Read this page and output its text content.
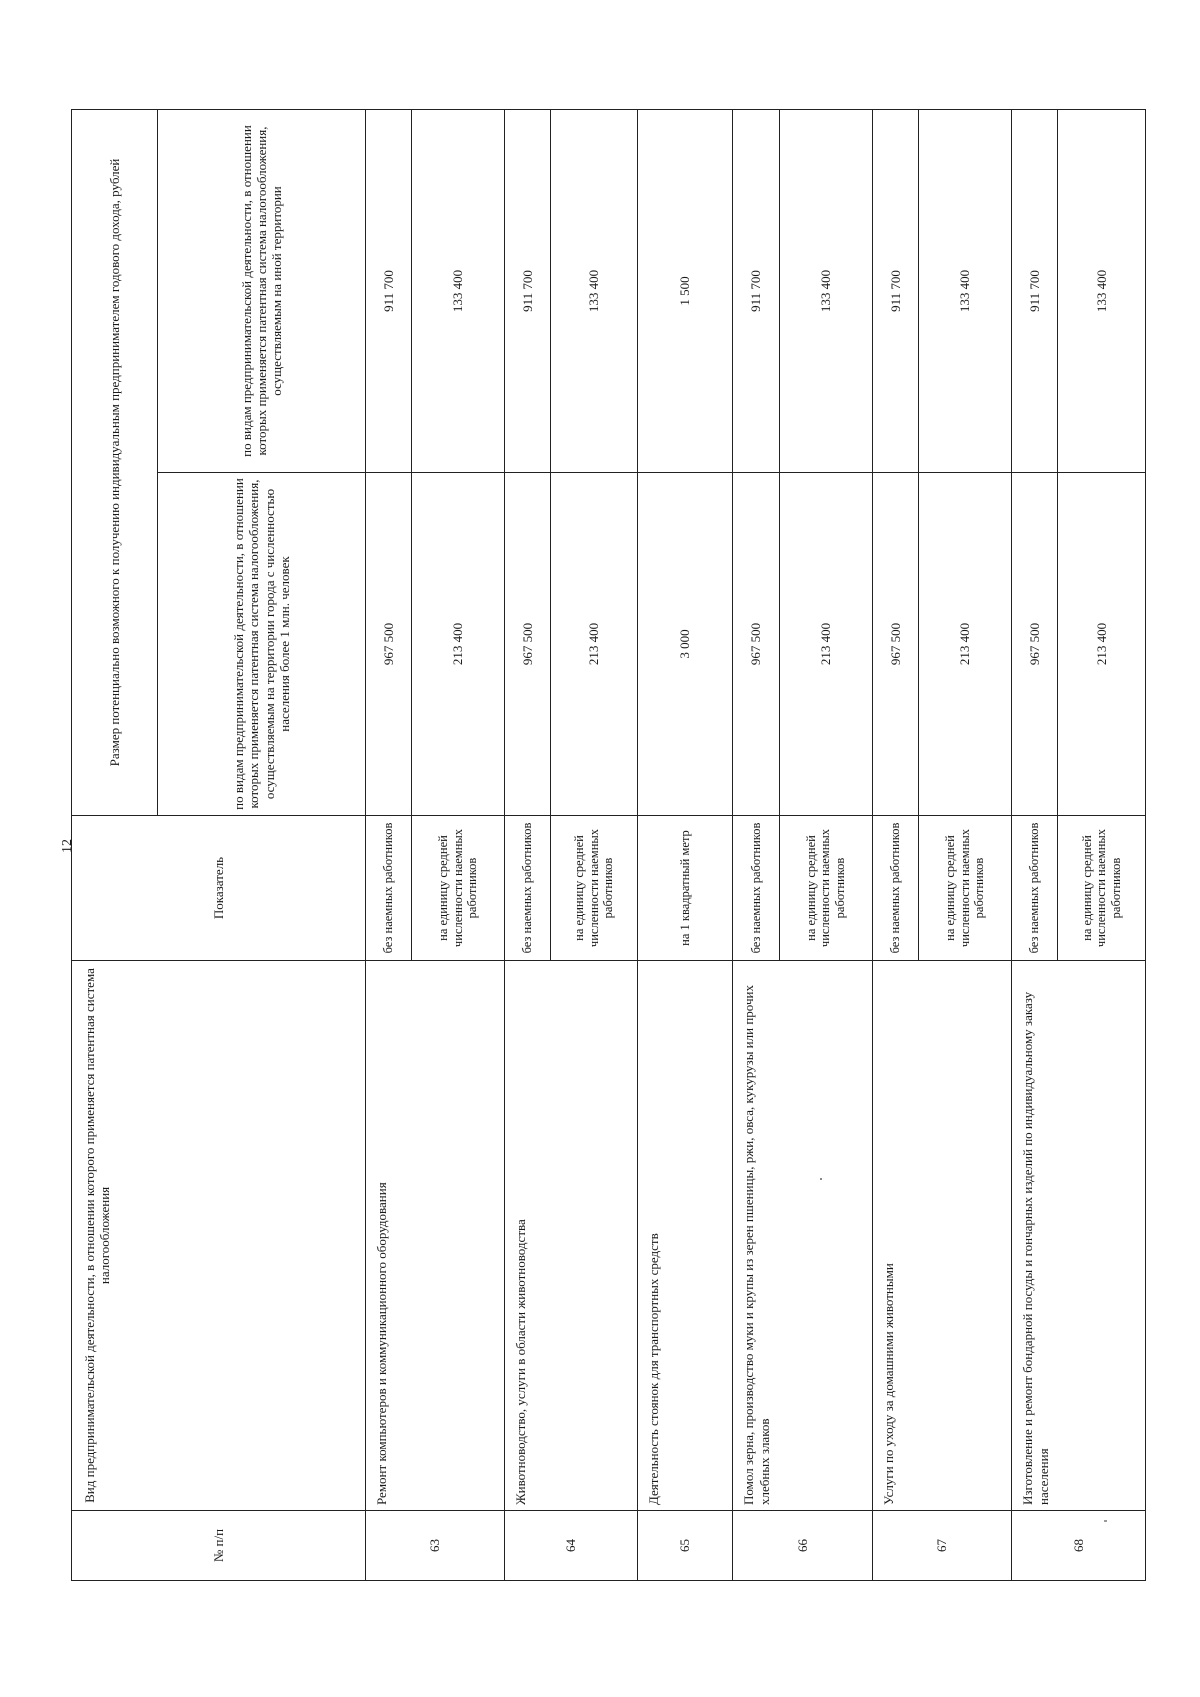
12
№ п/п	Вид предпринимательской деятельности, в отношении которого применяется патентная система налогообложения	Показатель	Размер потенциально возможного к получению индивидуальным предпринимателем годового дохода, рублей	
			по видам предпринимательской деятельности, в отношении которых применяется патентная система налогообложения, осуществляемым на территории города с численностью населения более 1 млн. человек	по видам предпринимательской деятельности, в отношении которых применяется патентная система налогообложения, осуществляемым на иной территории
63	Ремонт компьютеров и коммуникационного оборудования	без наемных работников	967 500	911 700
		на единицу средней численности наемных работников	213 400	133 400
64	Животноводство, услуги в области животноводства	без наемных работников	967 500	911 700
		на единицу средней численности наемных работников	213 400	133 400
65	Деятельность стоянок для транспортных средств	на 1 квадратный метр	3 000	1 500
66	Помол зерна, производство муки и крупы из зерен пшеницы, ржи, овса, кукурузы или прочих хлебных злаков	без наемных работников	967 500	911 700
		на единицу средней численности наемных работников	213 400	133 400
67	Услуги по уходу за домашними животными	без наемных работников	967 500	911 700
		на единицу средней численности наемных работников	213 400	133 400
68	Изготовление и ремонт бондарной посуды и гончарных изделий по индивидуальному заказу населения	без наемных работников	967 500	911 700
		на единицу средней численности наемных работников	213 400	133 400
